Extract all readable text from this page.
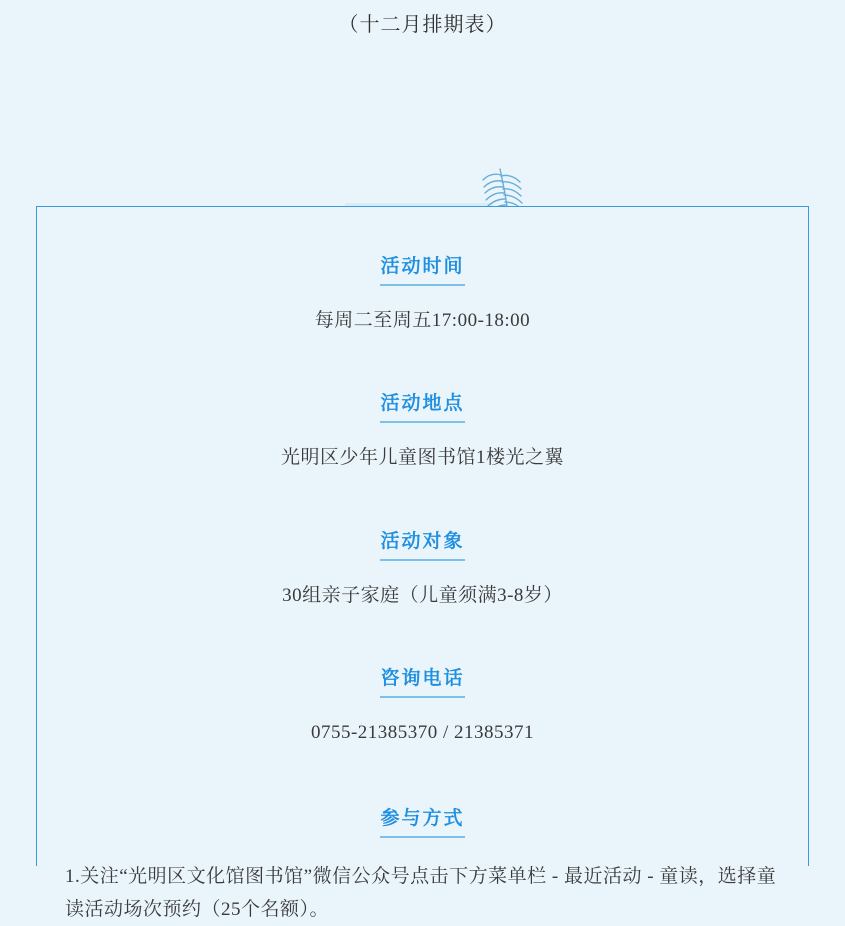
（十二月排期表）
活动时间
每周二至周五17:00-18:00
活动地点
光明区少年儿童图书馆1楼光之翼
活动对象
30组亲子家庭（儿童须满3-8岁）
咨询电话
0755-21385370 / 21385371
参与方式
1.关注“光明区文化馆图书馆”微信公众号点击下方菜单栏 - 最近活动 - 童读，选择童读活动场次预约（25个名额）。
